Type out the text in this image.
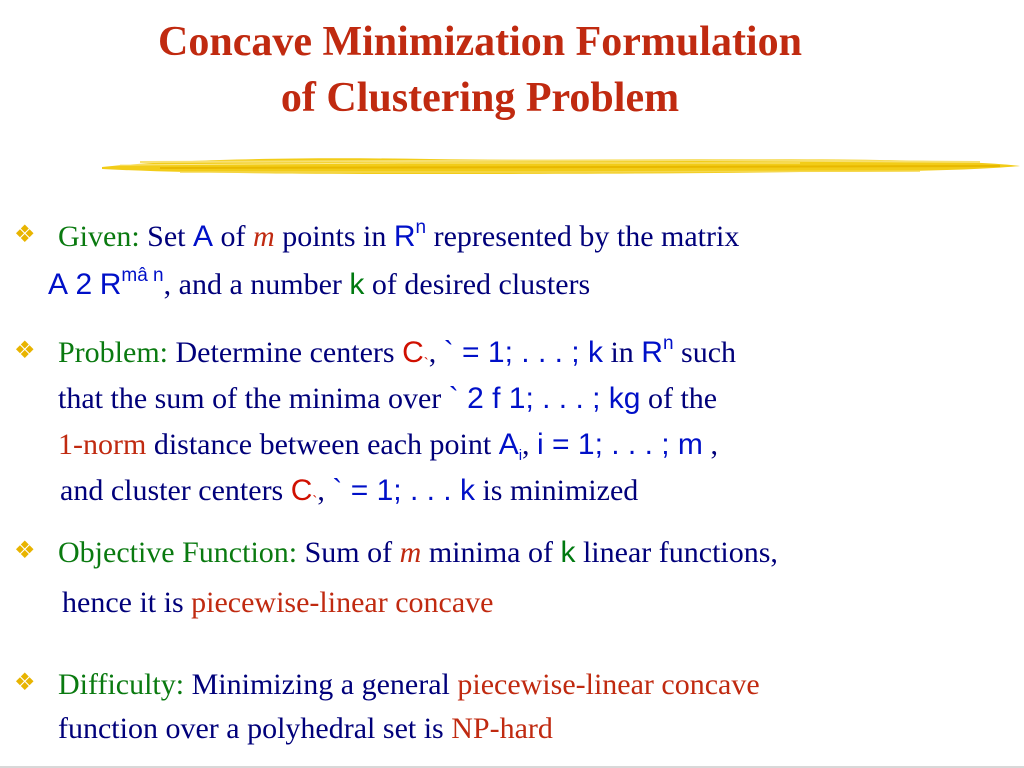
Concave Minimization Formulation
of Clustering Problem
❖ Given: Set A of m points in $R^n$ represented by the matrix
A 2 $R^{mâ n}$, and a number k of desired clusters
❖ Problem: Determine centers $C_`$, ` = 1; . . . ; k in $R^n$ such
that the sum of the minima over ` 2 f 1; . . . ; kg of the
1-norm distance between each point $A_i$, i = 1; . . . ; m ,
and cluster centers $C_`$, ` = 1; . . . k is minimized
❖ Objective Function: Sum of m minima of k linear functions,
hence it is piecewise-linear concave
❖ Difficulty: Minimizing a general piecewise-linear concave
function over a polyhedral set is NP-hard
